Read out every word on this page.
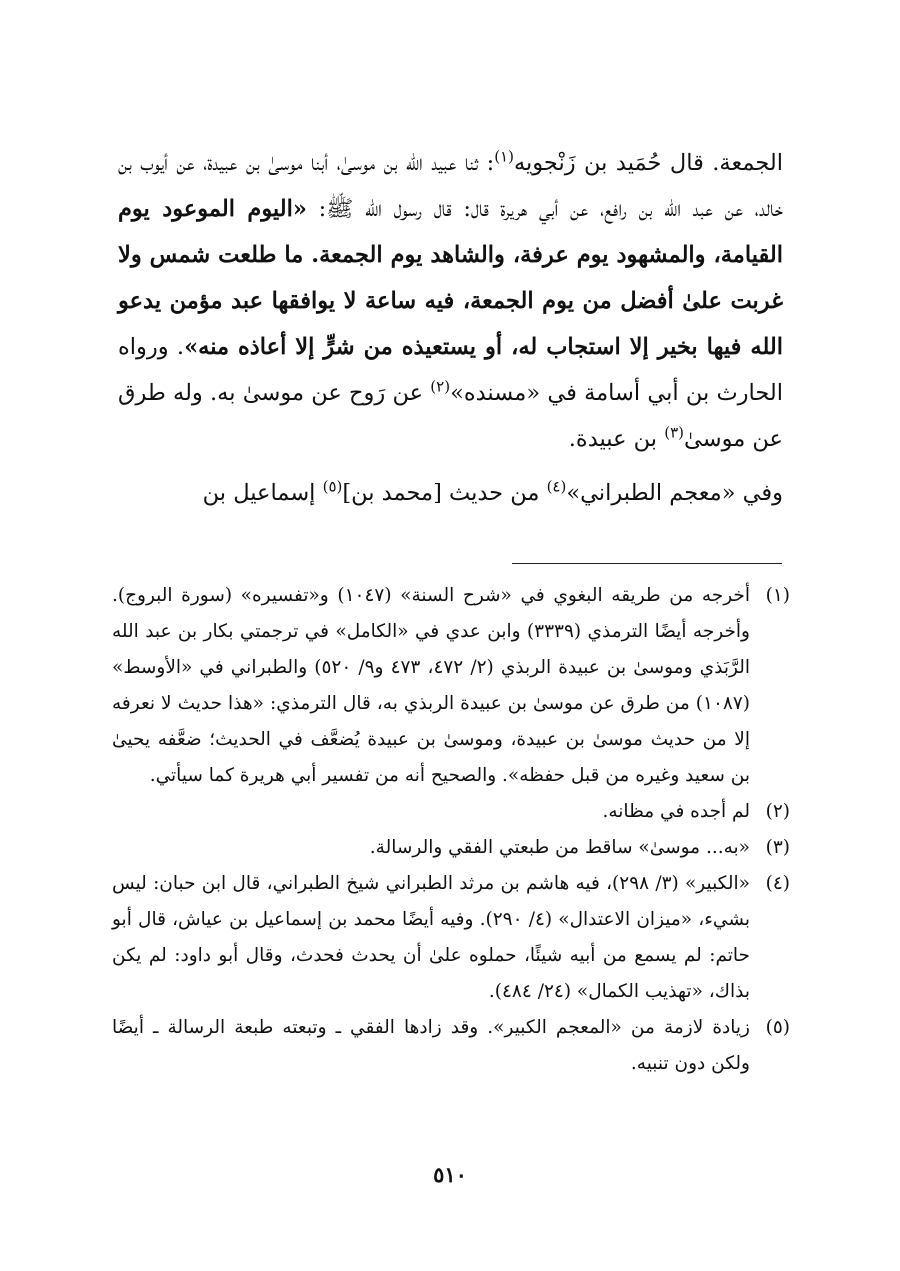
الجمعة. قال حُمَيد بن زَنْجويه$^{(١)}$: ثنا عبيد الله بن موسىٰ، أبنا موسىٰ بن عبيدة، عن أيوب بن خالد، عن عبد الله بن رافع، عن أبي هريرة قال: قال رسول الله ﷺ: «اليوم الموعود يوم القيامة، والمشهود يوم عرفة، والشاهد يوم الجمعة. ما طلعت شمس ولا غربت علىٰ أفضل من يوم الجمعة، فيه ساعة لا يوافقها عبد مؤمن يدعو الله فيها بخير إلا استجاب له، أو يستعيذه من شرٍّ إلا أعاذه منه». ورواه الحارث بن أبي أسامة في «مسنده»$^{(٢)}$ عن رَوح عن موسىٰ به. وله طرق عن موسىٰ$^{(٣)}$ بن عبيدة.

وفي «معجم الطبراني»$^{(٤)}$ من حديث [محمد بن]$^{(٥)}$ إسماعيل بن

(١)
أخرجه من طريقه البغوي في «شرح السنة» (١٠٤٧) و«تفسيره» (سورة البروج). وأخرجه أيضًا الترمذي (٣٣٣٩) وابن عدي في «الكامل» في ترجمتي بكار بن عبد الله الرَّبَذي وموسىٰ بن عبيدة الربذي (٢/ ٤٧٢، ٤٧٣ و٩/ ٥٢٠) والطبراني في «الأوسط» (١٠٨٧) من طرق عن موسىٰ بن عبيدة الربذي به، قال الترمذي: «هذا حديث لا نعرفه إلا من حديث موسىٰ بن عبيدة، وموسىٰ بن عبيدة يُضعَّف في الحديث؛ ضعَّفه يحيىٰ بن سعيد وغيره من قبل حفظه». والصحيح أنه من تفسير أبي هريرة كما سيأتي.
(٢)
لم أجده في مظانه.
(٣)
«به... موسىٰ» ساقط من طبعتي الفقي والرسالة.
(٤)
«الكبير» (٣/ ٢٩٨)، فيه هاشم بن مرثد الطبراني شيخ الطبراني، قال ابن حبان: ليس بشيء، «ميزان الاعتدال» (٤/ ٢٩٠). وفيه أيضًا محمد بن إسماعيل بن عياش، قال أبو حاتم: لم يسمع من أبيه شيئًا، حملوه علىٰ أن يحدث فحدث، وقال أبو داود: لم يكن بذاك، «تهذيب الكمال» (٢٤/ ٤٨٤).
(٥)
زيادة لازمة من «المعجم الكبير». وقد زادها الفقي ـ وتبعته طبعة الرسالة ـ أيضًا ولكن دون تنبيه.
٥١٠
